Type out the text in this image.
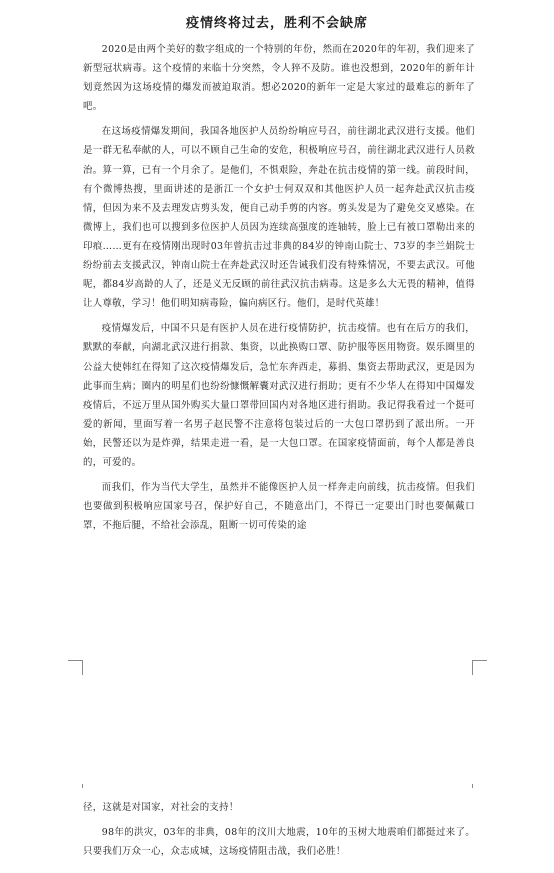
疫情终将过去，胜利不会缺席

2020是由两个美好的数字组成的一个特别的年份，然而在2020年的年初，我们迎来了新型冠状病毒。这个疫情的来临十分突然，令人猝不及防。谁也没想到，2020年的新年计划竟然因为这场疫情的爆发而被迫取消。想必2020的新年一定是大家过的最难忘的新年了吧。

在这场疫情爆发期间，我国各地医护人员纷纷响应号召，前往湖北武汉进行支援。他们是一群无私奉献的人，可以不顾自己生命的安危，积极响应号召，前往湖北武汉进行人员救治。算一算，已有一个月余了。是他们，不惧艰险，奔赴在抗击疫情的第一线。前段时间，有个微博热搜，里面讲述的是浙江一个女护士何双双和其他医护人员一起奔赴武汉抗击疫情，但因为来不及去理发店剪头发，便自己动手剪的内容。剪头发是为了避免交叉感染。在微博上，我们也可以搜到多位医护人员因为连续高强度的连轴转，脸上已有被口罩勒出来的印痕……更有在疫情刚出现时03年曾抗击过非典的84岁的钟南山院士、73岁的李兰娟院士纷纷前去支援武汉，钟南山院士在奔赴武汉时还告诫我们没有特殊情况，不要去武汉。可他呢，都84岁高龄的人了，还是义无反顾的前往武汉抗击病毒。这是多么大无畏的精神，值得让人尊敬，学习！他们明知病毒险，偏向病区行。他们，是时代英雄！

疫情爆发后，中国不只是有医护人员在进行疫情防护，抗击疫情。也有在后方的我们，默默的奉献，向湖北武汉进行捐款、集资，以此换购口罩、防护服等医用物资。娱乐圈里的公益大使韩红在得知了这次疫情爆发后，急忙东奔西走，募捐、集资去帮助武汉，更是因为此事而生病；圈内的明星们也纷纷慷慨解囊对武汉进行捐助；更有不少华人在得知中国爆发疫情后，不远万里从国外购买大量口罩带回国内对各地区进行捐助。我记得我看过一个挺可爱的新闻，里面写着一名男子赵民警不注意将包装过后的一大包口罩扔到了派出所。一开始，民警还以为是炸弹，结果走进一看，是一大包口罩。在国家疫情面前，每个人都是善良的，可爱的。

而我们，作为当代大学生，虽然并不能像医护人员一样奔走向前线，抗击疫情。但我们也要做到积极响应国家号召，保护好自己，不随意出门，不得已一定要出门时也要佩戴口罩，不拖后腿，不给社会添乱，阻断一切可传染的途

径，这就是对国家，对社会的支持！

98年的洪灾，03年的非典，08年的汶川大地震，10年的玉树大地震咱们都挺过来了。只要我们万众一心，众志成城，这场疫情阻击战，我们必胜！
